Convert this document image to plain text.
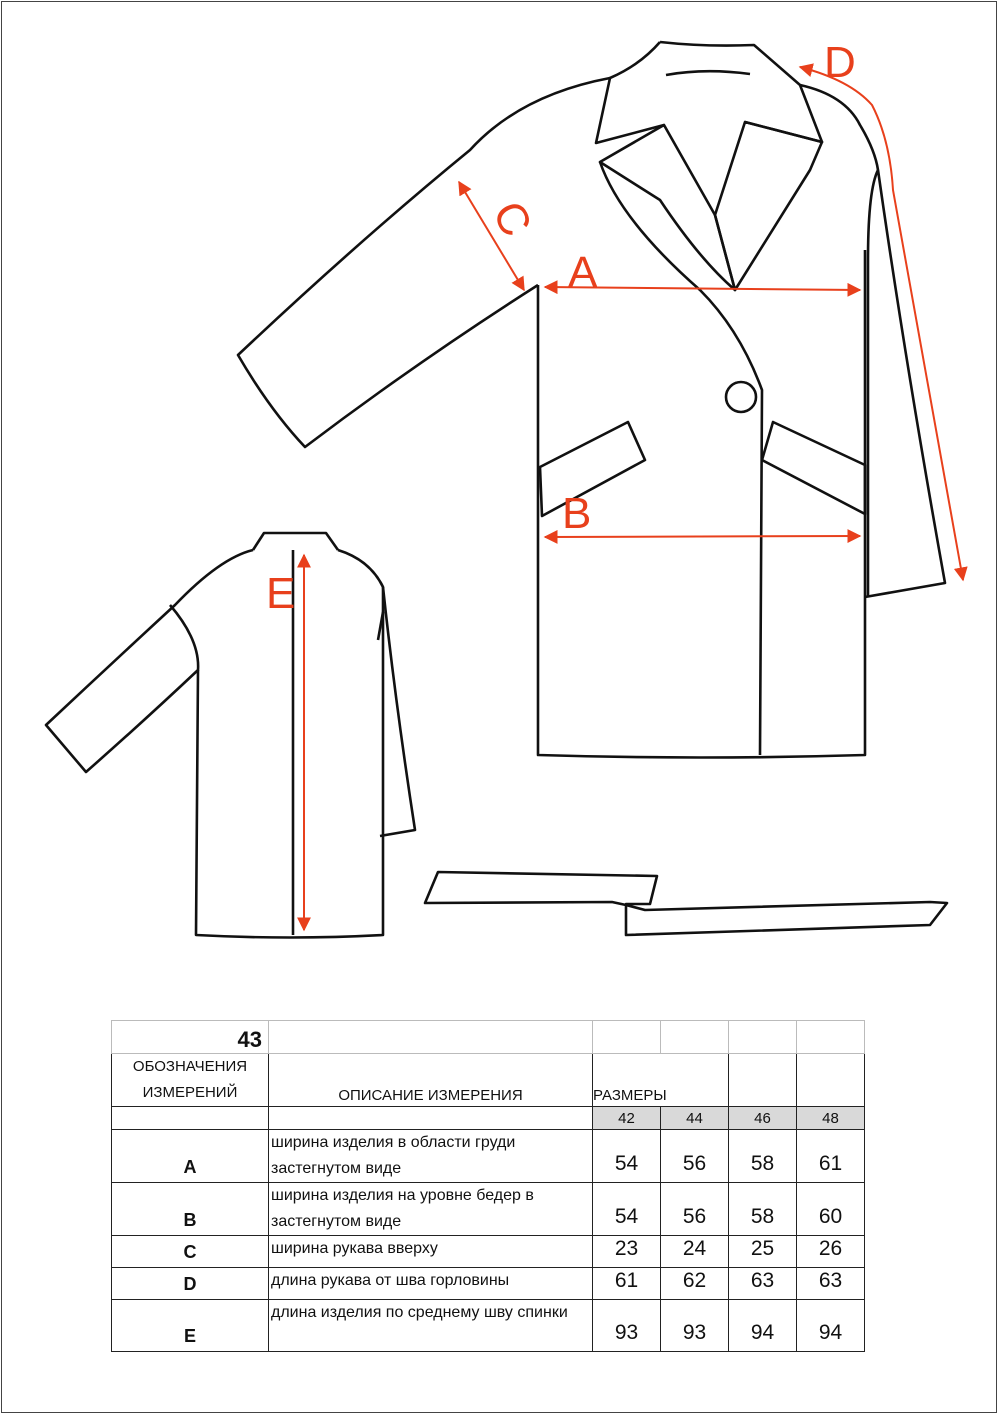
A
B
C
D
E
43					
ОБОЗНАЧЕНИЯ ИЗМЕРЕНИЙ	ОПИСАНИЕ ИЗМЕРЕНИЯ	РАЗМЕРЫ			
		42	44	46	48
A	ширина изделия в области груди застегнутом виде	54	56	58	61
B	ширина изделия на уровне бедер в застегнутом виде	54	56	58	60
C	ширина рукава вверху	23	24	25	26
D	длина рукава от шва горловины	61	62	63	63
E	длина изделия по среднему шву спинки	93	93	94	94
